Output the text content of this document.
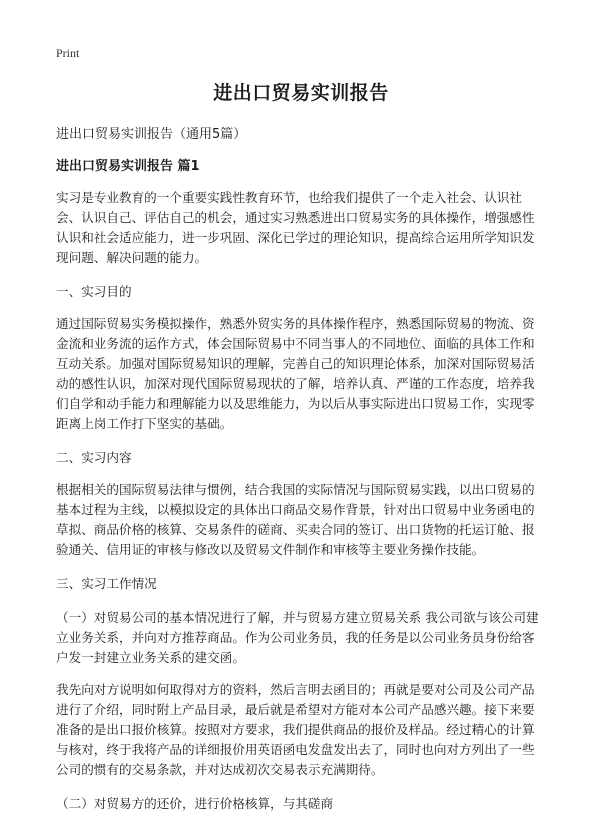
Print
进出口贸易实训报告
进出口贸易实训报告（通用5篇）
进出口贸易实训报告 篇1

实习是专业教育的一个重要实践性教育环节，也给我们提供了一个走入社会、认识社会、认识自己、评估自己的机会，通过实习熟悉进出口贸易实务的具体操作，增强感性认识和社会适应能力，进一步巩固、深化已学过的理论知识，提高综合运用所学知识发现问题、解决问题的能力。

一、实习目的

通过国际贸易实务模拟操作，熟悉外贸实务的具体操作程序，熟悉国际贸易的物流、资金流和业务流的运作方式，体会国际贸易中不同当事人的不同地位、面临的具体工作和互动关系。加强对国际贸易知识的理解，完善自己的知识理论体系，加深对国际贸易活动的感性认识，加深对现代国际贸易现状的了解，培养认真、严谨的工作态度，培养我们自学和动手能力和理解能力以及思维能力，为以后从事实际进出口贸易工作，实现零距离上岗工作打下坚实的基础。

二、实习内容

根据相关的国际贸易法律与惯例，结合我国的实际情况与国际贸易实践，以出口贸易的基本过程为主线，以模拟设定的具体出口商品交易作背景，针对出口贸易中业务函电的草拟、商品价格的核算、交易条件的磋商、买卖合同的签订、出口货物的托运订舱、报验通关、信用证的审核与修改以及贸易文件制作和审核等主要业务操作技能。

三、实习工作情况

（一）对贸易公司的基本情况进行了解，并与贸易方建立贸易关系 我公司欲与该公司建立业务关系，并向对方推荐商品。作为公司业务员，我的任务是以公司业务员身份给客户发一封建立业务关系的建交函。

我先向对方说明如何取得对方的资料，然后言明去函目的；再就是要对公司及公司产品进行了介绍，同时附上产品目录，最后就是希望对方能对本公司产品感兴趣。接下来要准备的是出口报价核算。按照对方要求，我们提供商品的报价及样品。经过精心的计算与核对，终于我将产品的详细报价用英语函电发盘发出去了，同时也向对方列出了一些公司的惯有的交易条款，并对达成初次交易表示充满期待。

（二）对贸易方的还价，进行价格核算，与其磋商
